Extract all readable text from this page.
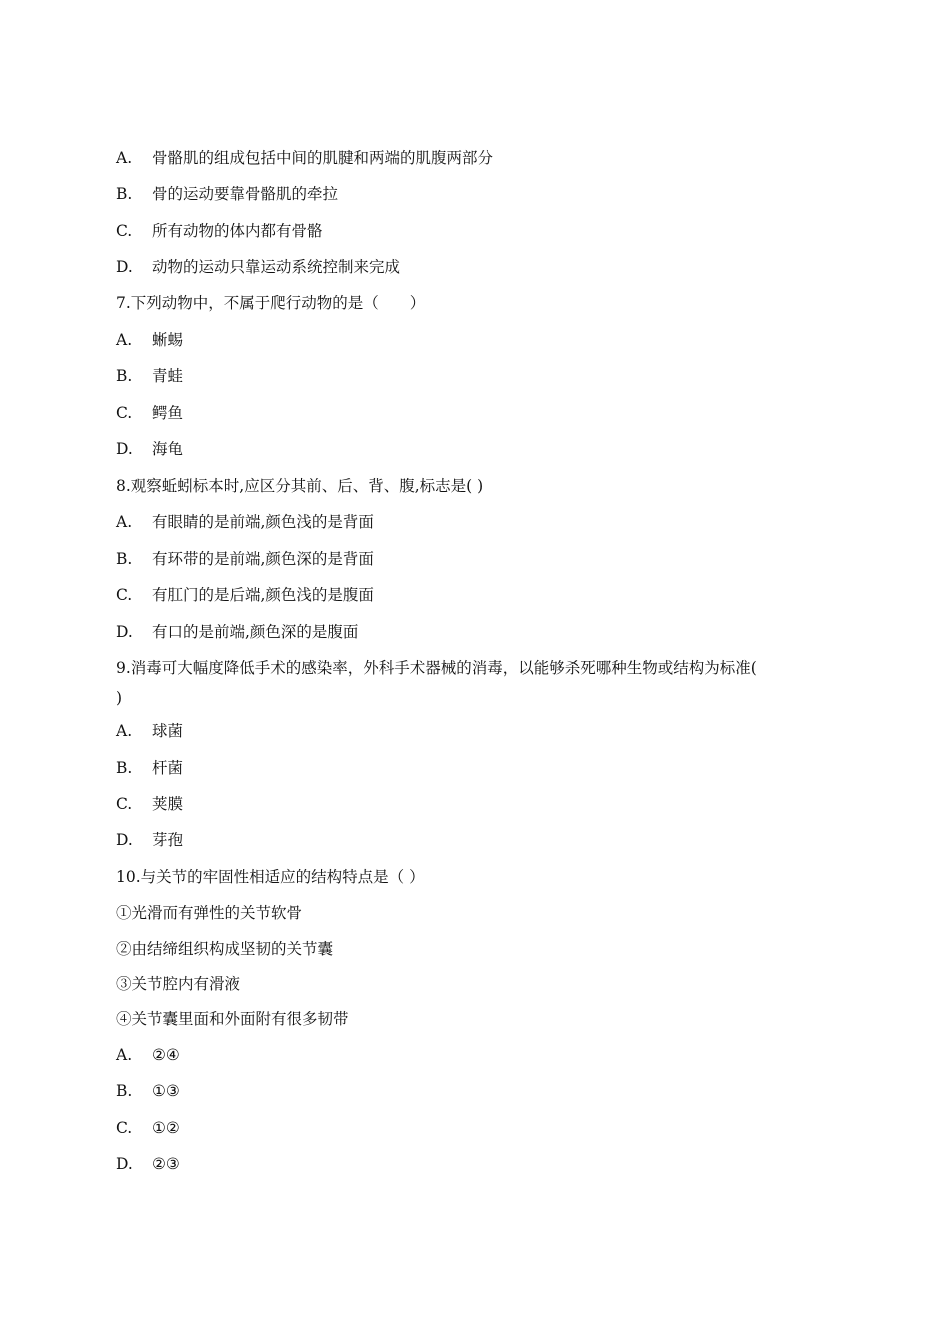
A. 骨骼肌的组成包括中间的肌腱和两端的肌腹两部分
B. 骨的运动要靠骨骼肌的牵拉
C. 所有动物的体内都有骨骼
D. 动物的运动只靠运动系统控制来完成
7.下列动物中，不属于爬行动物的是（　　）
A. 蜥蜴
B. 青蛙
C. 鳄鱼
D. 海龟
8.观察蚯蚓标本时,应区分其前、后、背、腹,标志是( )
A. 有眼睛的是前端,颜色浅的是背面
B. 有环带的是前端,颜色深的是背面
C. 有肛门的是后端,颜色浅的是腹面
D. 有口的是前端,颜色深的是腹面
9.消毒可大幅度降低手术的感染率，外科手术器械的消毒，以能够杀死哪种生物或结构为标准(
)
A. 球菌
B. 杆菌
C. 荚膜
D. 芽孢
10.与关节的牢固性相适应的结构特点是（ ）
①光滑而有弹性的关节软骨
②由结缔组织构成坚韧的关节囊
③关节腔内有滑液
④关节囊里面和外面附有很多韧带
A. ②④
B. ①③
C. ①②
D. ②③
